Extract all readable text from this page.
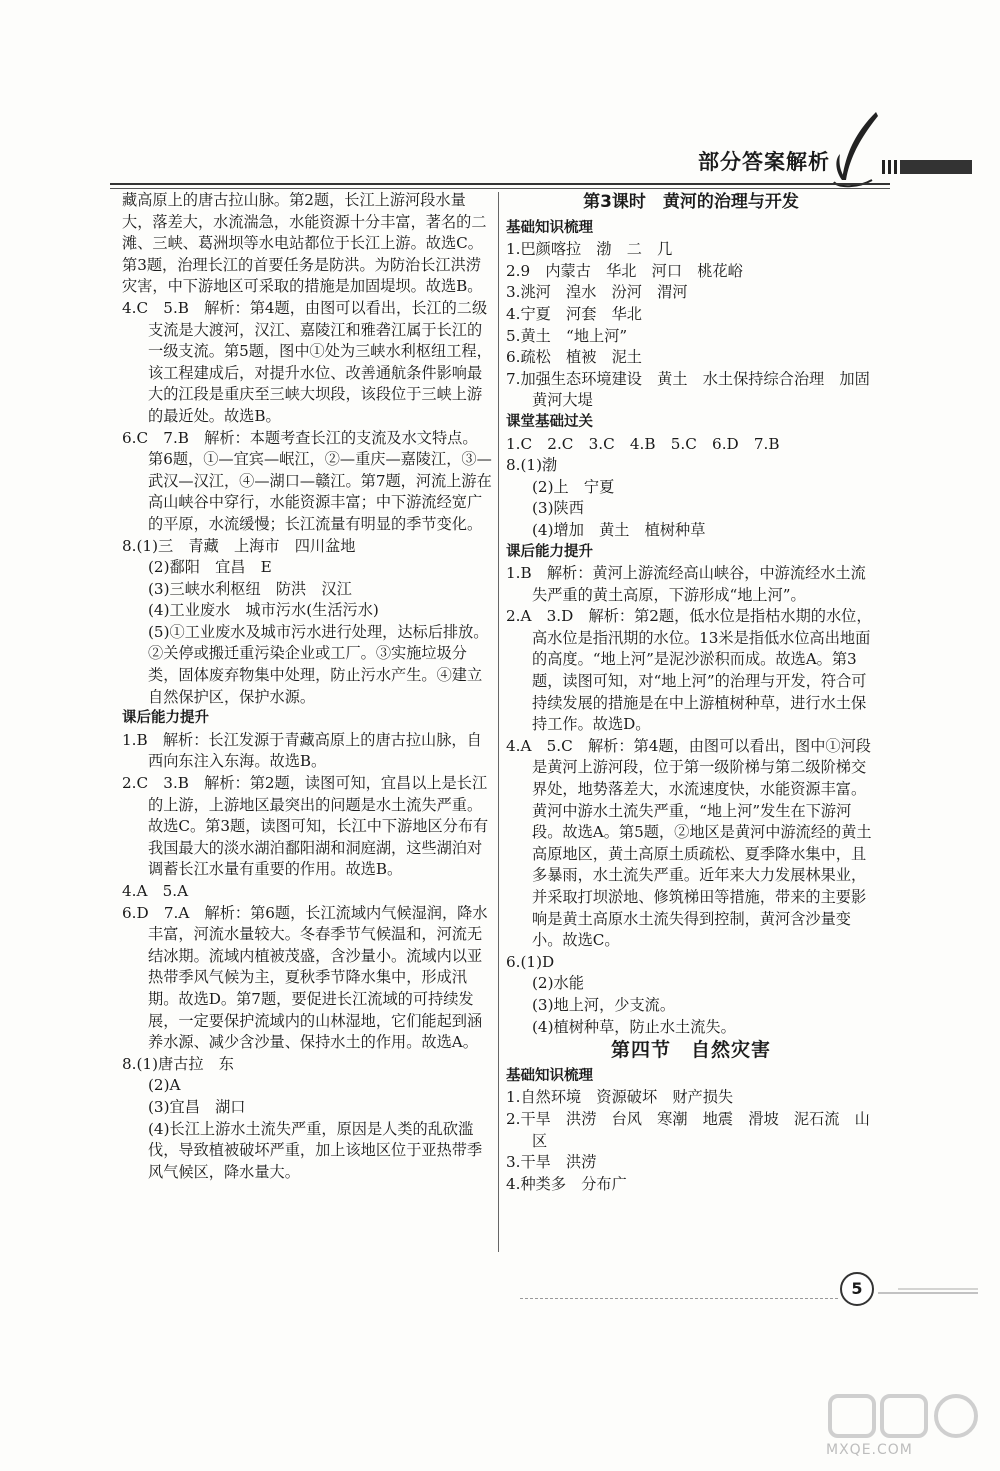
部分答案解析

藏高原上的唐古拉山脉。第2题，长江上游河段水量大，落差大，水流湍急，水能资源十分丰富，著名的二滩、三峡、葛洲坝等水电站都位于长江上游。故选C。第3题，治理长江的首要任务是防洪。为防治长江洪涝灾害，中下游地区可采取的措施是加固堤坝。故选B。

4.C　5.B　解析：第4题，由图可以看出，长江的二级支流是大渡河，汉江、嘉陵江和雅砻江属于长江的一级支流。第5题，图中①处为三峡水利枢纽工程，该工程建成后，对提升水位、改善通航条件影响最大的江段是重庆至三峡大坝段，该段位于三峡上游的最近处。故选B。

6.C　7.B　解析：本题考查长江的支流及水文特点。第6题，①—宜宾—岷江，②—重庆—嘉陵江，③—武汉—汉江，④—湖口—赣江。第7题，河流上游在高山峡谷中穿行，水能资源丰富；中下游流经宽广的平原，水流缓慢；长江流量有明显的季节变化。

8.(1)三　青藏　上海市　四川盆地

(2)鄱阳　宜昌　E

(3)三峡水利枢纽　防洪　汉江

(4)工业废水　城市污水(生活污水)

(5)①工业废水及城市污水进行处理，达标后排放。②关停或搬迁重污染企业或工厂。③实施垃圾分类，固体废弃物集中处理，防止污水产生。④建立自然保护区，保护水源。

课后能力提升

1.B　解析：长江发源于青藏高原上的唐古拉山脉，自西向东注入东海。故选B。

2.C　3.B　解析：第2题，读图可知，宜昌以上是长江的上游，上游地区最突出的问题是水土流失严重。故选C。第3题，读图可知，长江中下游地区分布有我国最大的淡水湖泊鄱阳湖和洞庭湖，这些湖泊对调蓄长江水量有重要的作用。故选B。

4.A　5.A

6.D　7.A　解析：第6题，长江流域内气候湿润，降水丰富，河流水量较大。冬春季节气候温和，河流无结冰期。流域内植被茂盛，含沙量小。流域内以亚热带季风气候为主，夏秋季节降水集中，形成汛期。故选D。第7题，要促进长江流域的可持续发展，一定要保护流域内的山林湿地，它们能起到涵养水源、减少含沙量、保持水土的作用。故选A。

8.(1)唐古拉　东

(2)A

(3)宜昌　湖口

(4)长江上游水土流失严重，原因是人类的乱砍滥伐，导致植被破坏严重，加上该地区位于亚热带季风气候区，降水量大。

第3课时　黄河的治理与开发

基础知识梳理

1.巴颜喀拉　渤　二　几

2.9　内蒙古　华北　河口　桃花峪

3.洮河　湟水　汾河　渭河

4.宁夏　河套　华北

5.黄土　“地上河”

6.疏松　植被　泥土

7.加强生态环境建设　黄土　水土保持综合治理　加固黄河大堤

课堂基础过关

1.C　2.C　3.C　4.B　5.C　6.D　7.B

8.(1)渤

(2)上　宁夏

(3)陕西

(4)增加　黄土　植树种草

课后能力提升

1.B　解析：黄河上游流经高山峡谷，中游流经水土流失严重的黄土高原，下游形成“地上河”。

2.A　3.D　解析：第2题，低水位是指枯水期的水位，高水位是指汛期的水位。13米是指低水位高出地面的高度。“地上河”是泥沙淤积而成。故选A。第3题，读图可知，对“地上河”的治理与开发，符合可持续发展的措施是在中上游植树种草，进行水土保持工作。故选D。

4.A　5.C　解析：第4题，由图可以看出，图中①河段是黄河上游河段，位于第一级阶梯与第二级阶梯交界处，地势落差大，水流速度快，水能资源丰富。黄河中游水土流失严重，“地上河”发生在下游河段。故选A。第5题，②地区是黄河中游流经的黄土高原地区，黄土高原土质疏松、夏季降水集中，且多暴雨，水土流失严重。近年来大力发展林果业，并采取打坝淤地、修筑梯田等措施，带来的主要影响是黄土高原水土流失得到控制，黄河含沙量变小。故选C。

6.(1)D

(2)水能

(3)地上河，少支流。

(4)植树种草，防止水土流失。

第四节　自然灾害

基础知识梳理

1.自然环境　资源破坏　财产损失

2.干旱　洪涝　台风　寒潮　地震　滑坡　泥石流　山区

3.干旱　洪涝

4.种类多　分布广

5
MXQE.COM
